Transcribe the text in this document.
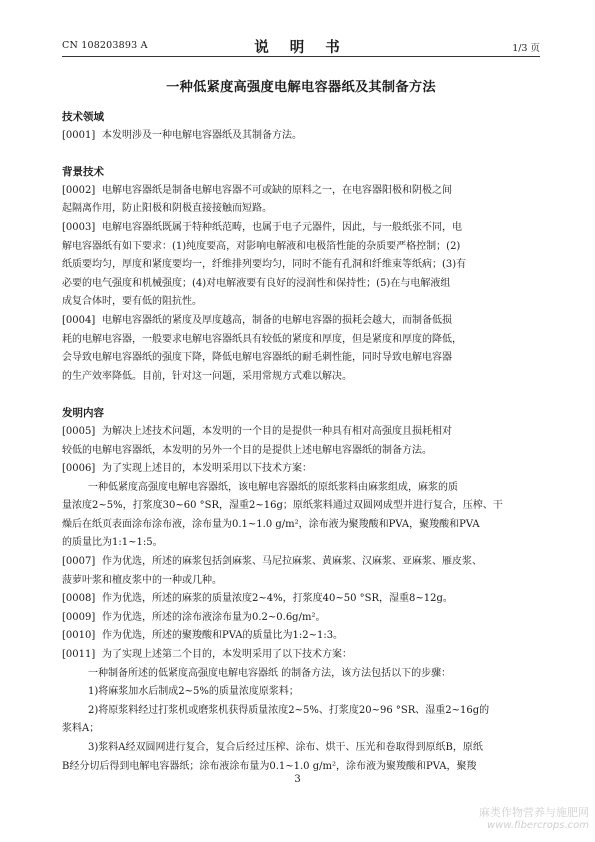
CN 108203893 A	说 明 书	1/3 页
一种低紧度高强度电解电容器纸及其制备方法

技术领域

[0001] 本发明涉及一种电解电容器纸及其制备方法。

背景技术

[0002] 电解电容器纸是制备电解电容器不可或缺的原料之一，在电容器阳极和阴极之间
起隔离作用，防止阳极和阴极直接接触而短路。
[0003] 电解电容器纸既属于特种纸范畴，也属于电子元器件，因此，与一般纸张不同，电
解电容器纸有如下要求：(1)纯度要高，对影响电解液和电极箔性能的杂质要严格控制；(2)
纸质要均匀，厚度和紧度要均一，纤维排列要均匀，同时不能有孔洞和纤维束等纸病；(3)有
必要的电气强度和机械强度；(4)对电解液要有良好的浸润性和保持性；(5)在与电解液组
成复合体时，要有低的阻抗性。
[0004] 电解电容器纸的紧度及厚度越高，制备的电解电容器的损耗会越大，而制备低损
耗的电解电容器，一般要求电解电容器纸具有较低的紧度和厚度，但是紧度和厚度的降低，
会导致电解电容器纸的强度下降，降低电解电容器纸的耐毛刺性能，同时导致电解电容器
的生产效率降低。目前，针对这一问题，采用常规方式难以解决。

发明内容

[0005] 为解决上述技术问题，本发明的一个目的是提供一种具有相对高强度且损耗相对
较低的电解电容器纸，本发明的另外一个目的是提供上述电解电容器纸的制备方法。
[0006] 为了实现上述目的，本发明采用以下技术方案：
一种低紧度高强度电解电容器纸，该电解电容器纸的原纸浆料由麻浆组成，麻浆的质
量浓度2~5%，打浆度30~60 °SR，湿重2~16g；原纸浆料通过双圆网成型并进行复合，压榨、干
燥后在纸页表面涂布涂布液，涂布量为0.1~1.0 g/m²，涂布液为聚羧酸和PVA，聚羧酸和PVA
的质量比为1:1~1:5。
[0007] 作为优选，所述的麻浆包括剑麻浆、马尼拉麻浆、黄麻浆、汉麻浆、亚麻浆、雁皮浆、
菠萝叶浆和檀皮浆中的一种或几种。
[0008] 作为优选，所述的麻浆的质量浓度2~4%，打浆度40~50 °SR，湿重8~12g。
[0009] 作为优选，所述的涂布液涂布量为0.2~0.6g/m²。
[0010] 作为优选，所述的聚羧酸和PVA的质量比为1:2~1:3。
[0011] 为了实现上述第二个目的，本发明采用了以下技术方案：
一种制备所述的低紧度高强度电解电容器纸 的制备方法，该方法包括以下的步骤：
1)将麻浆加水后制成2~5%的质量浓度原浆料；
2)将原浆料经过打浆机或磨浆机获得质量浓度2~5%、打浆度20~96 °SR、湿重2~16g的
浆料A；
3)浆料A经双圆网进行复合，复合后经过压榨、涂布、烘干、压光和卷取得到原纸B，原纸
B经分切后得到电解电容器纸；涂布液涂布量为0.1~1.0 g/m²，涂布液为聚羧酸和PVA，聚羧
3
麻类作物营养与施肥网
www.fibercrops.com
